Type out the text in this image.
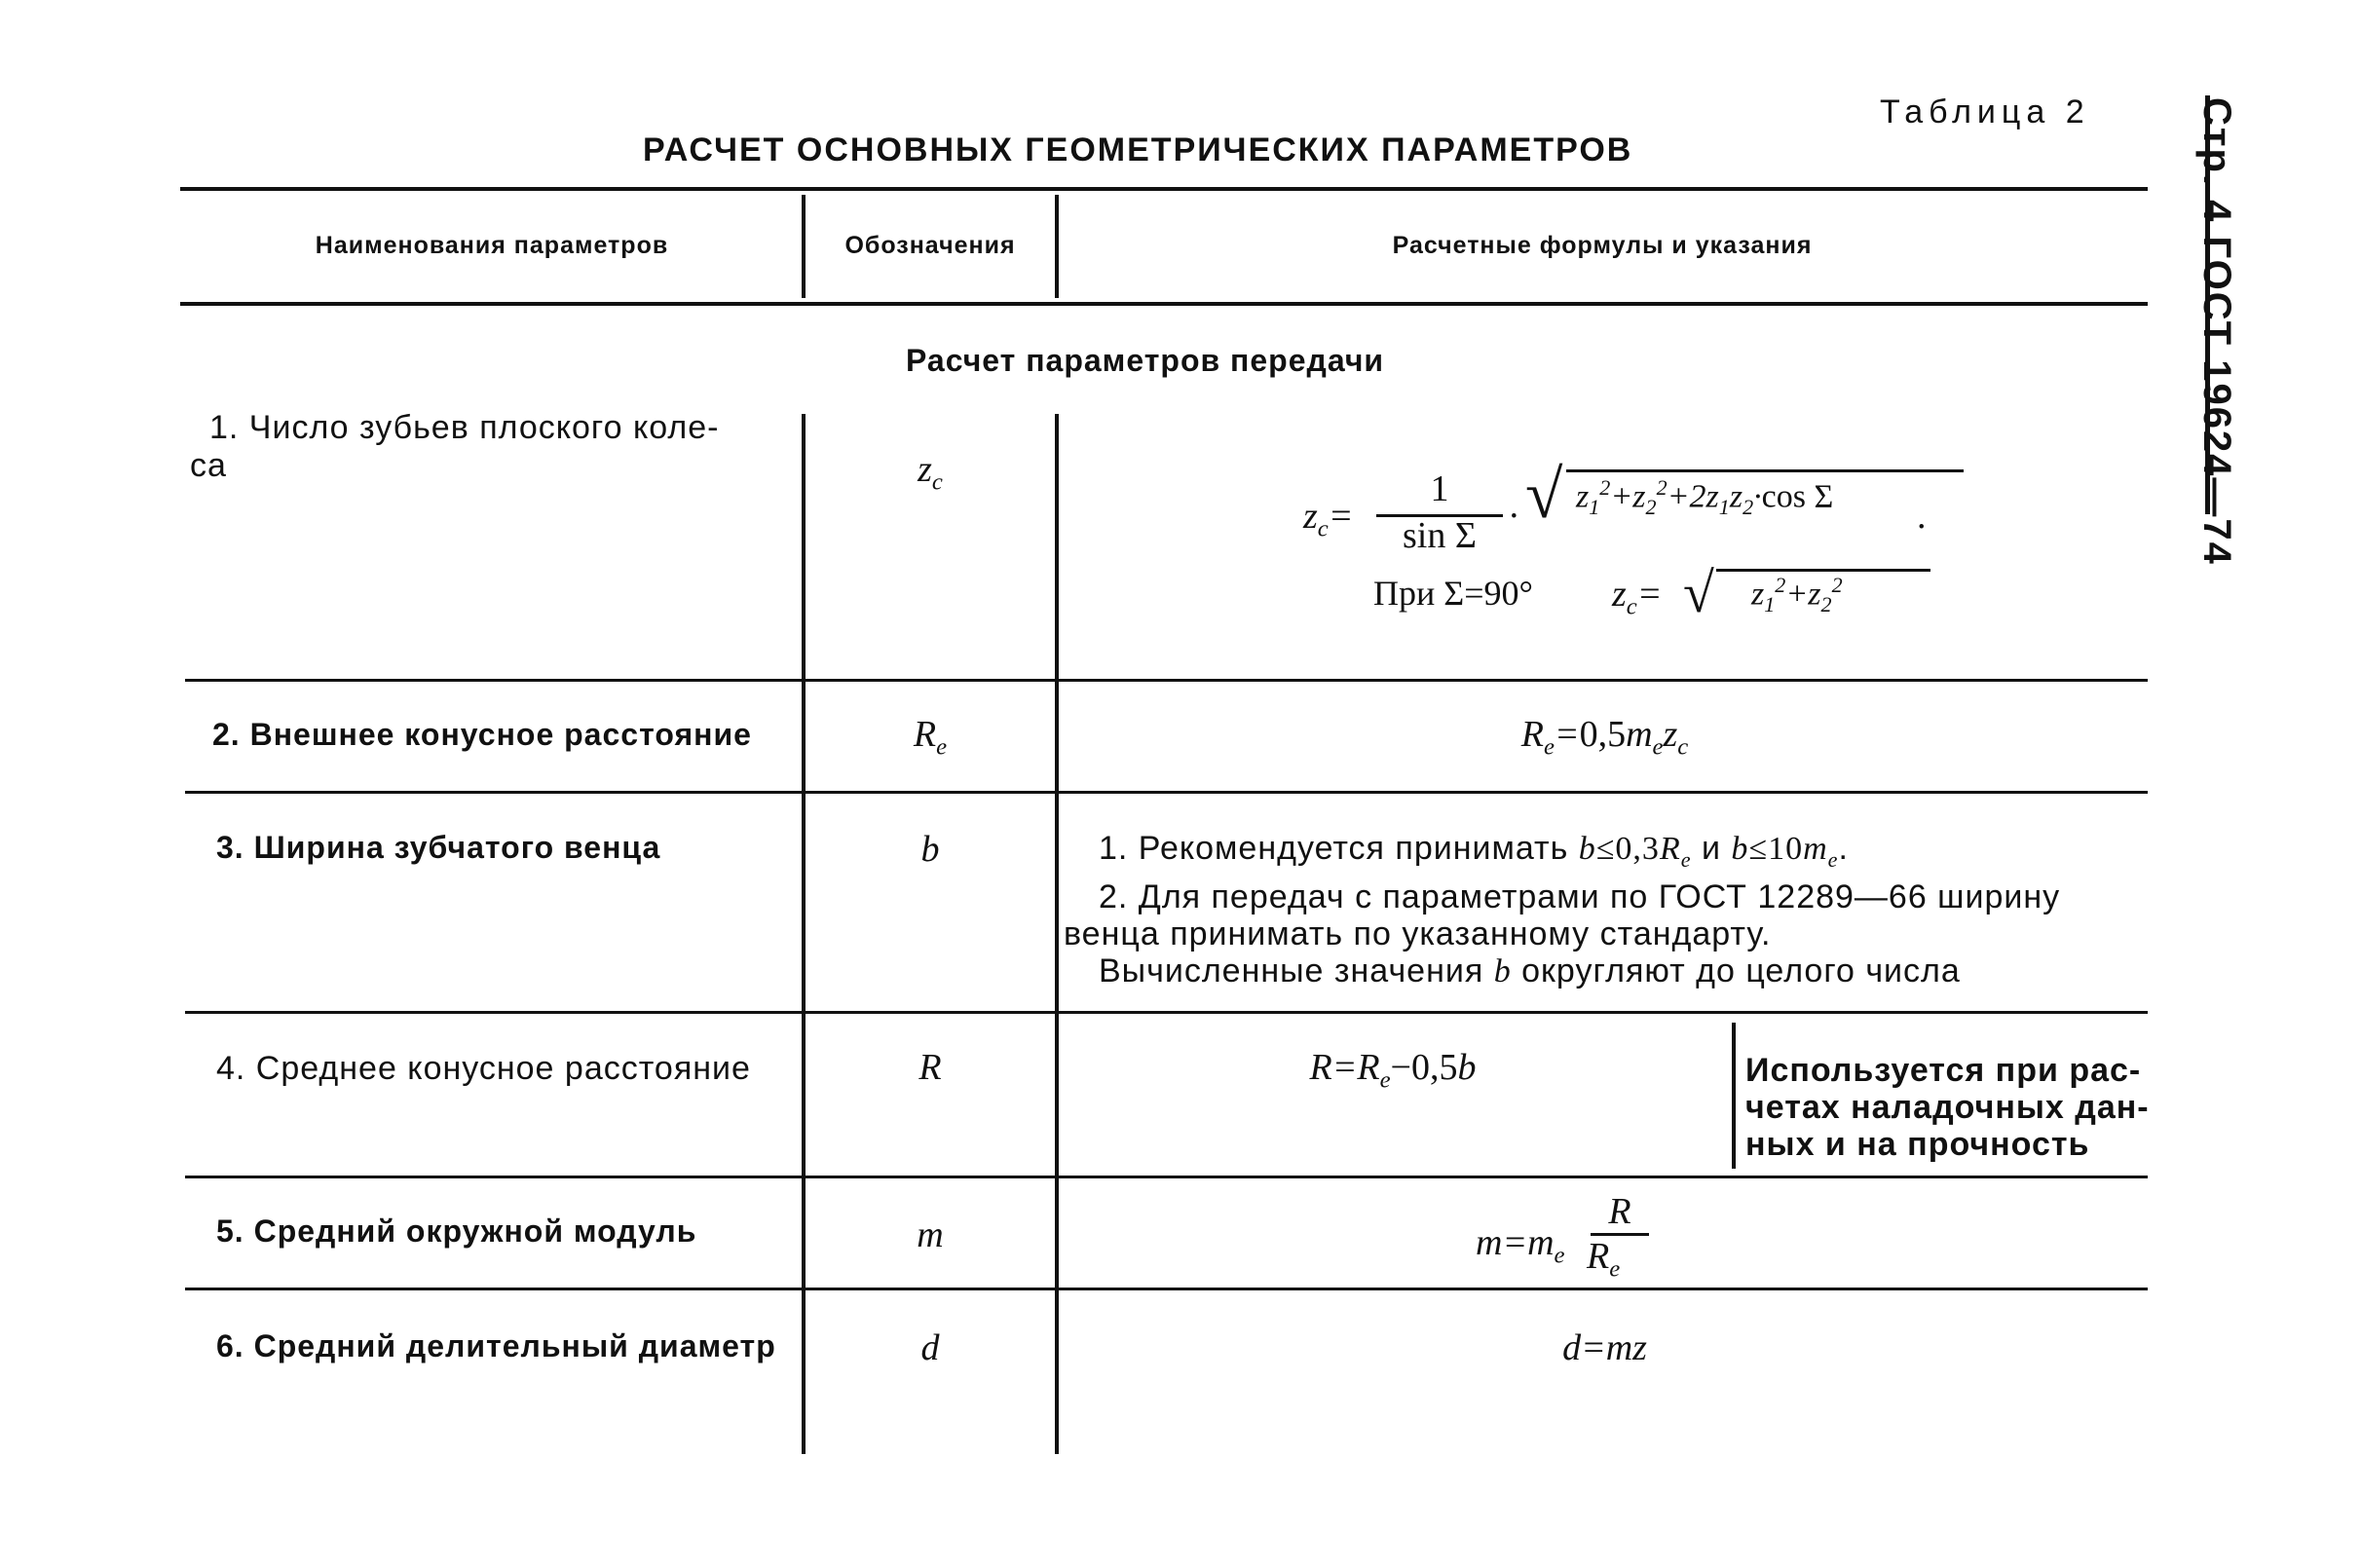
Стр. 4 ГОСТ 19624—74
Таблица 2
РАСЧЕТ ОСНОВНЫХ ГЕОМЕТРИЧЕСКИХ ПАРАМЕТРОВ
Наименования параметров	Обозначения	Расчетные формулы и указания
Расчет параметров передачи
1. Число зубьев плоского коле-
са	$z_c$
$z_c=$
1
sin Σ · √ $z_1^2+z_2^2+2z_1z_2\cdot\cos$ Σ .
При Σ=90° $z_c=$ √ $z_1^2+z_2^2$
2. Внешнее конусное расстояние	$R_e$	$R_e=0,5m_ez_c$
3. Ширина зубчатого венца	b	1. Рекомендуется принимать $b\le 0,3R_e$ и $b\le 10m_e$.
2. Для передач с параметрами по ГОСТ 12289—66 ширину
венца принимать по указанному стандарту.
Вычисленные значения b округляют до целого числа
4. Среднее конусное расстояние	R	$R=R_e-0,5b$	Используется при рас-
четах наладочных дан-
ных и на прочность
5. Средний окружной модуль	m	$m=m_e$
R
$R_e$
6. Средний делительный диаметр	d	d=mz
